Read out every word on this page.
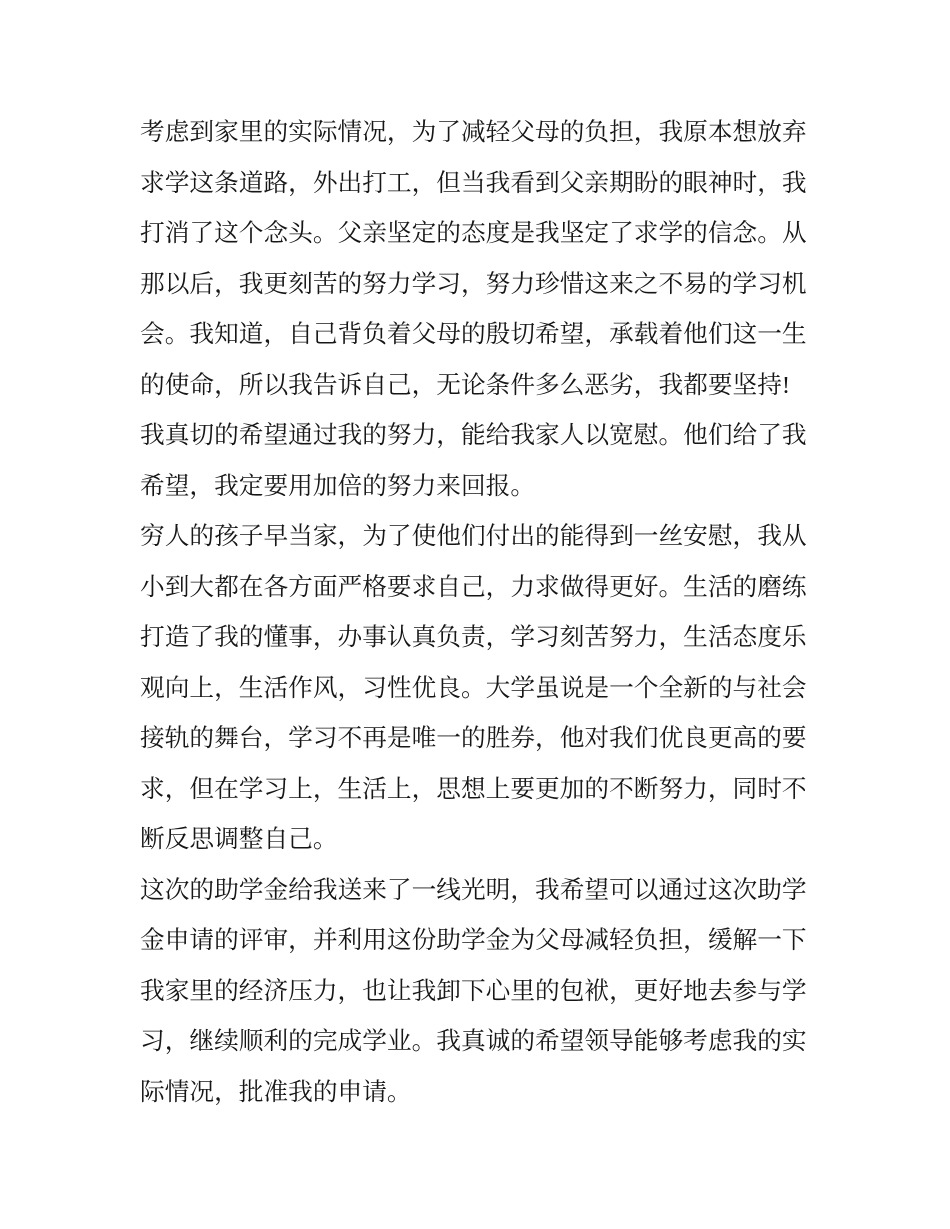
考虑到家里的实际情况，为了减轻父母的负担，我原本想放弃
求学这条道路，外出打工，但当我看到父亲期盼的眼神时，我
打消了这个念头。父亲坚定的态度是我坚定了求学的信念。从
那以后，我更刻苦的努力学习，努力珍惜这来之不易的学习机
会。我知道，自己背负着父母的殷切希望，承载着他们这一生
的使命，所以我告诉自己，无论条件多么恶劣，我都要坚持!
我真切的希望通过我的努力，能给我家人以宽慰。他们给了我
希望，我定要用加倍的努力来回报。
穷人的孩子早当家，为了使他们付出的能得到一丝安慰，我从
小到大都在各方面严格要求自己，力求做得更好。生活的磨练
打造了我的懂事，办事认真负责，学习刻苦努力，生活态度乐
观向上，生活作风，习性优良。大学虽说是一个全新的与社会
接轨的舞台，学习不再是唯一的胜券，他对我们优良更高的要
求，但在学习上，生活上，思想上要更加的不断努力，同时不
断反思调整自己。
这次的助学金给我送来了一线光明，我希望可以通过这次助学
金申请的评审，并利用这份助学金为父母减轻负担，缓解一下
我家里的经济压力，也让我卸下心里的包袱，更好地去参与学
习，继续顺利的完成学业。我真诚的希望领导能够考虑我的实
际情况，批准我的申请。
